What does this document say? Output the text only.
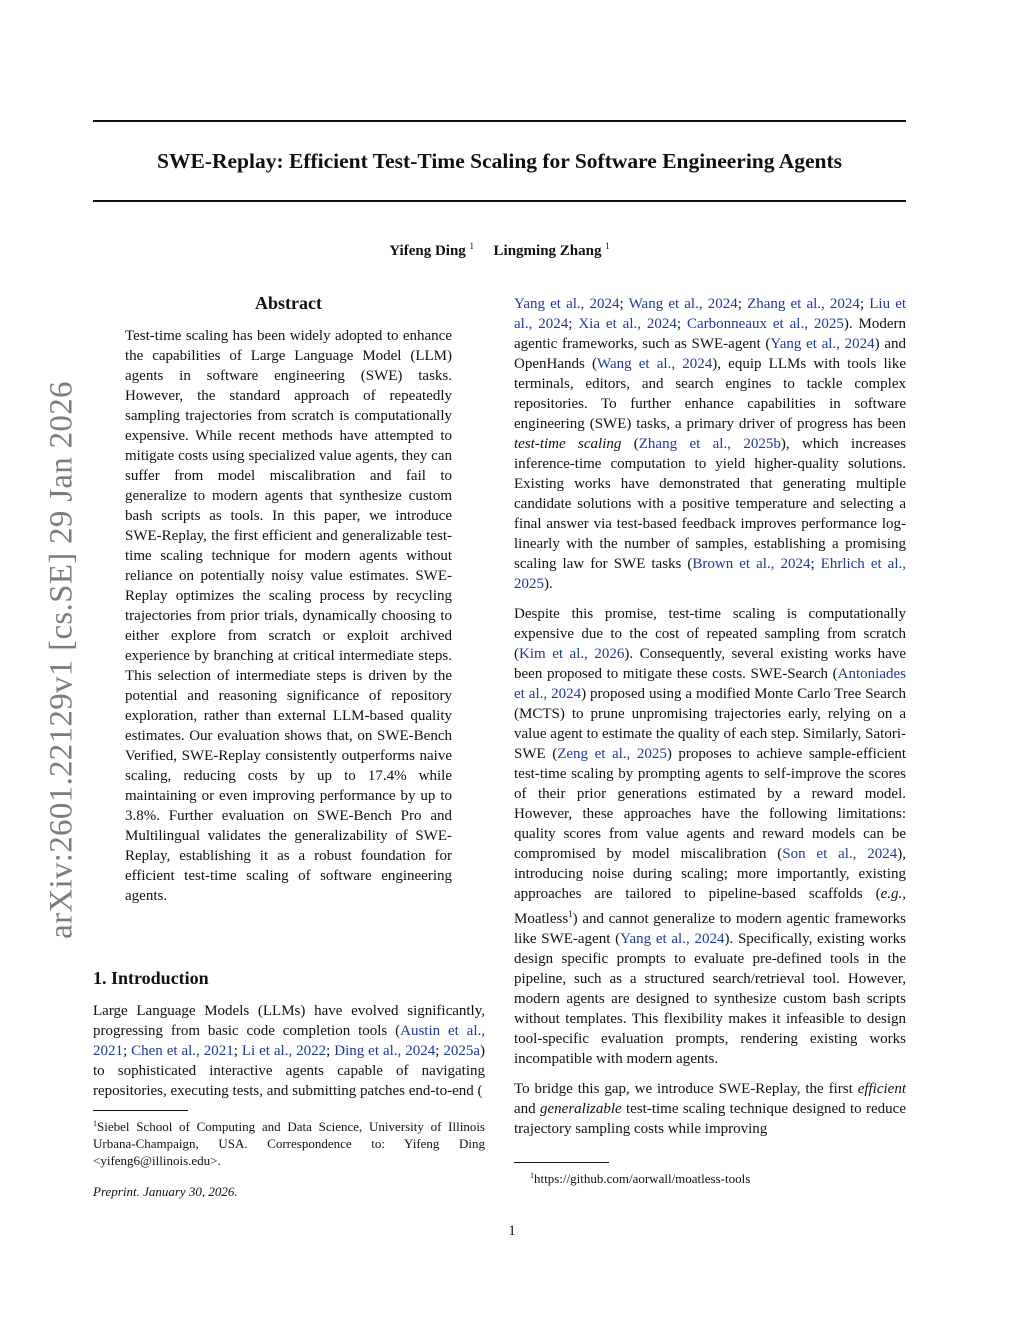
arXiv:2601.22129v1 [cs.SE] 29 Jan 2026
SWE-Replay: Efficient Test-Time Scaling for Software Engineering Agents
Yifeng Ding $^1$ Lingming Zhang $^1$
Abstract
Test-time scaling has been widely adopted to enhance the capabilities of Large Language Model (LLM) agents in software engineering (SWE) tasks. However, the standard approach of repeatedly sampling trajectories from scratch is computationally expensive. While recent methods have attempted to mitigate costs using specialized value agents, they can suffer from model miscalibration and fail to generalize to modern agents that synthesize custom bash scripts as tools. In this paper, we introduce SWE-Replay, the first efficient and generalizable test-time scaling technique for modern agents without reliance on potentially noisy value estimates. SWE-Replay optimizes the scaling process by recycling trajectories from prior trials, dynamically choosing to either explore from scratch or exploit archived experience by branching at critical intermediate steps. This selection of intermediate steps is driven by the potential and reasoning significance of repository exploration, rather than external LLM-based quality estimates. Our evaluation shows that, on SWE-Bench Verified, SWE-Replay consistently outperforms naive scaling, reducing costs by up to 17.4% while maintaining or even improving performance by up to 3.8%. Further evaluation on SWE-Bench Pro and Multilingual validates the generalizability of SWE-Replay, establishing it as a robust foundation for efficient test-time scaling of software engineering agents.
1. Introduction
Large Language Models (LLMs) have evolved significantly, progressing from basic code completion tools (Austin et al., 2021; Chen et al., 2021; Li et al., 2022; Ding et al., 2024; 2025a) to sophisticated interactive agents capable of navigating repositories, executing tests, and submitting patches end-to-end (

Yang et al., 2024; Wang et al., 2024; Zhang et al., 2024; Liu et al., 2024; Xia et al., 2024; Carbonneaux et al., 2025). Modern agentic frameworks, such as SWE-agent (Yang et al., 2024) and OpenHands (Wang et al., 2024), equip LLMs with tools like terminals, editors, and search engines to tackle complex repositories. To further enhance capabilities in software engineering (SWE) tasks, a primary driver of progress has been test-time scaling (Zhang et al., 2025b), which increases inference-time computation to yield higher-quality solutions. Existing works have demonstrated that generating multiple candidate solutions with a positive temperature and selecting a final answer via test-based feedback improves performance log-linearly with the number of samples, establishing a promising scaling law for SWE tasks (Brown et al., 2024; Ehrlich et al., 2025).

Despite this promise, test-time scaling is computationally expensive due to the cost of repeated sampling from scratch (Kim et al., 2026). Consequently, several existing works have been proposed to mitigate these costs. SWE-Search (Antoniades et al., 2024) proposed using a modified Monte Carlo Tree Search (MCTS) to prune unpromising trajectories early, relying on a value agent to estimate the quality of each step. Similarly, Satori-SWE (Zeng et al., 2025) proposes to achieve sample-efficient test-time scaling by prompting agents to self-improve the scores of their prior generations estimated by a reward model. However, these approaches have the following limitations: quality scores from value agents and reward models can be compromised by model miscalibration (Son et al., 2024), introducing noise during scaling; more importantly, existing approaches are tailored to pipeline-based scaffolds (e.g., Moatless$^1$) and cannot generalize to modern agentic frameworks like SWE-agent (Yang et al., 2024). Specifically, existing works design specific prompts to evaluate pre-defined tools in the pipeline, such as a structured search/retrieval tool. However, modern agents are designed to synthesize custom bash scripts without templates. This flexibility makes it infeasible to design tool-specific evaluation prompts, rendering existing works incompatible with modern agents.

To bridge this gap, we introduce SWE-Replay, the first efficient and generalizable test-time scaling technique designed to reduce trajectory sampling costs while improving

$^1$Siebel School of Computing and Data Science, University of Illinois Urbana-Champaign, USA. Correspondence to: Yifeng Ding <yifeng6@illinois.edu>.
$^1$https://github.com/aorwall/moatless-tools
Preprint. January 30, 2026.
1
